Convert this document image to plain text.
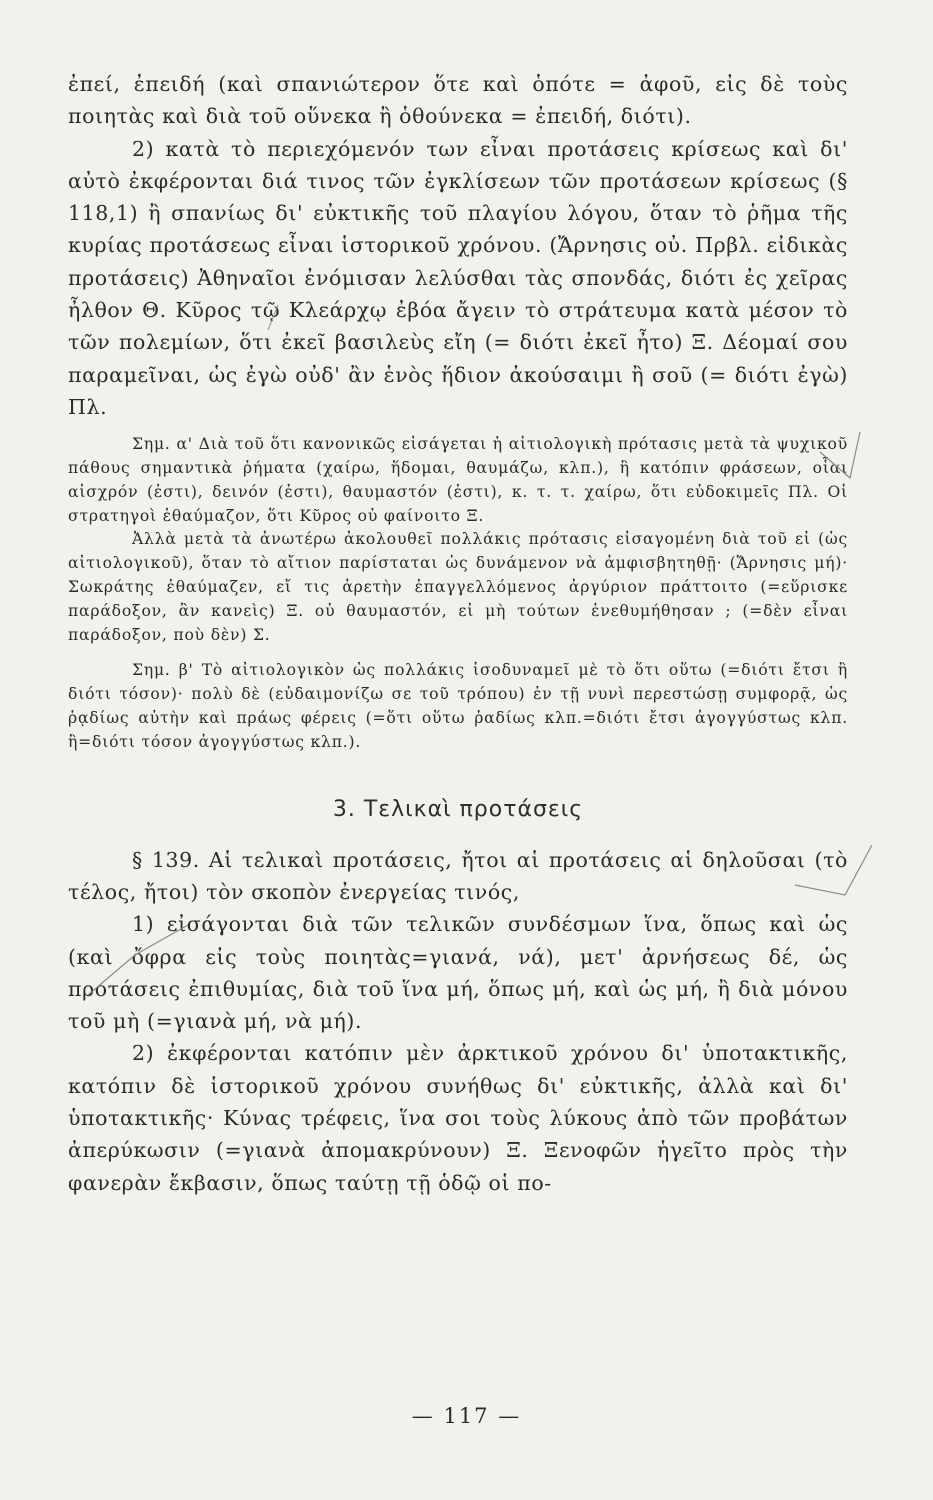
ἐπεί, ἐπειδή (καὶ σπανιώτερον ὅτε καὶ ὁπότε = ἀφοῦ, εἰς δὲ τοὺς ποιητὰς καὶ διὰ τοῦ οὕνεκα ἢ ὁθούνεκα = ἐπειδή, διότι).

2) κατὰ τὸ περιεχόμενόν των εἶναι προτάσεις κρίσεως καὶ δι' αὐτὸ ἐκφέρονται διά τινος τῶν ἐγκλίσεων τῶν προτάσεων κρίσεως (§ 118,1) ἢ σπανίως δι' εὐκτικῆς τοῦ πλαγίου λόγου, ὅταν τὸ ῥῆμα τῆς κυρίας προτάσεως εἶναι ἱστορικοῦ χρόνου. (Ἄρνησις οὐ. Πρβλ. εἰδικὰς προτάσεις) Ἀθηναῖοι ἐνόμισαν λελύσθαι τὰς σπονδάς, διότι ἐς χεῖρας ἦλθον Θ. Κῦρος τῷ Κλεάρχῳ ἐβόα ἄγειν τὸ στράτευμα κατὰ μέσον τὸ τῶν πολεμίων, ὅτι ἐκεῖ βασιλεὺς εἴη (= διότι ἐκεῖ ἦτο) Ξ. Δέομαί σου παραμεῖναι, ὡς ἐγὼ οὐδ' ἂν ἑνὸς ἥδιον ἀκούσαιμι ἢ σοῦ (= διότι ἐγὼ) Πλ.

Σημ. α' Διὰ τοῦ ὅτι κανονικῶς εἰσάγεται ἡ αἰτιολογικὴ πρότασις μετὰ τὰ ψυχικοῦ πάθους σημαντικὰ ῥήματα (χαίρω, ἥδομαι, θαυμάζω, κλπ.), ἢ κατόπιν φράσεων, οἷαι αἰσχρόν (ἐστι), δεινόν (ἐστι), θαυμαστόν (ἐστι), κ. τ. τ. χαίρω, ὅτι εὐδοκιμεῖς Πλ. Οἱ στρατηγοὶ ἐθαύμαζον, ὅτι Κῦρος οὐ φαίνοιτο Ξ.

Ἀλλὰ μετὰ τὰ ἀνωτέρω ἀκολουθεῖ πολλάκις πρότασις εἰσαγομένη διὰ τοῦ εἰ (ὡς αἰτιολογικοῦ), ὅταν τὸ αἴτιον παρίσταται ὡς δυνάμενον νὰ ἀμφισβητηθῇ· (Ἄρνησις μή)· Σωκράτης ἐθαύμαζεν, εἴ τις ἀρετὴν ἐπαγγελλόμενος ἀργύριον πράττοιτο (=εὕρισκε παράδοξον, ἂν κανεὶς) Ξ. οὐ θαυμαστόν, εἰ μὴ τούτων ἐνεθυμήθησαν ; (=δὲν εἶναι παράδοξον, ποὺ δὲν) Σ.

Σημ. β' Τὸ αἰτιολογικὸν ὡς πολλάκις ἰσοδυναμεῖ μὲ τὸ ὅτι οὕτω (=διότι ἔτσι ἢ διότι τόσον)· πολὺ δὲ (εὐδαιμονίζω σε τοῦ τρόπου) ἐν τῇ νυνὶ περεστώσῃ συμφορᾷ, ὡς ῥᾳδίως αὐτὴν καὶ πράως φέρεις (=ὅτι οὕτω ῥαδίως κλπ.=διότι ἔτσι ἀγογγύστως κλπ. ἢ=διότι τόσον ἀγογγύστως κλπ.).

3. Τελικαὶ προτάσεις

§ 139. Αἱ τελικαὶ προτάσεις, ἤτοι αἱ προτάσεις αἱ δηλοῦσαι (τὸ τέλος, ἤτοι) τὸν σκοπὸν ἐνεργείας τινός,

1) εἰσάγονται διὰ τῶν τελικῶν συνδέσμων ἵνα, ὅπως καὶ ὡς (καὶ ὄφρα εἰς τοὺς ποιητὰς=γιανά, νά), μετ' ἀρνήσεως δέ, ὡς προτάσεις ἐπιθυμίας, διὰ τοῦ ἵνα μή, ὅπως μή, καὶ ὡς μή, ἢ διὰ μόνου τοῦ μὴ (=γιανὰ μή, νὰ μή).

2) ἐκφέρονται κατόπιν μὲν ἀρκτικοῦ χρόνου δι' ὑποτακτικῆς, κατόπιν δὲ ἱστορικοῦ χρόνου συνήθως δι' εὐκτικῆς, ἀλλὰ καὶ δι' ὑποτακτικῆς· Κύνας τρέφεις, ἵνα σοι τοὺς λύκους ἀπὸ τῶν προβάτων ἀπερύκωσιν (=γιανὰ ἀπομακρύνουν) Ξ. Ξενοφῶν ἡγεῖτο πρὸς τὴν φανερὰν ἔκβασιν, ὅπως ταύτῃ τῇ ὁδῷ οἱ πο-

— 117 —
